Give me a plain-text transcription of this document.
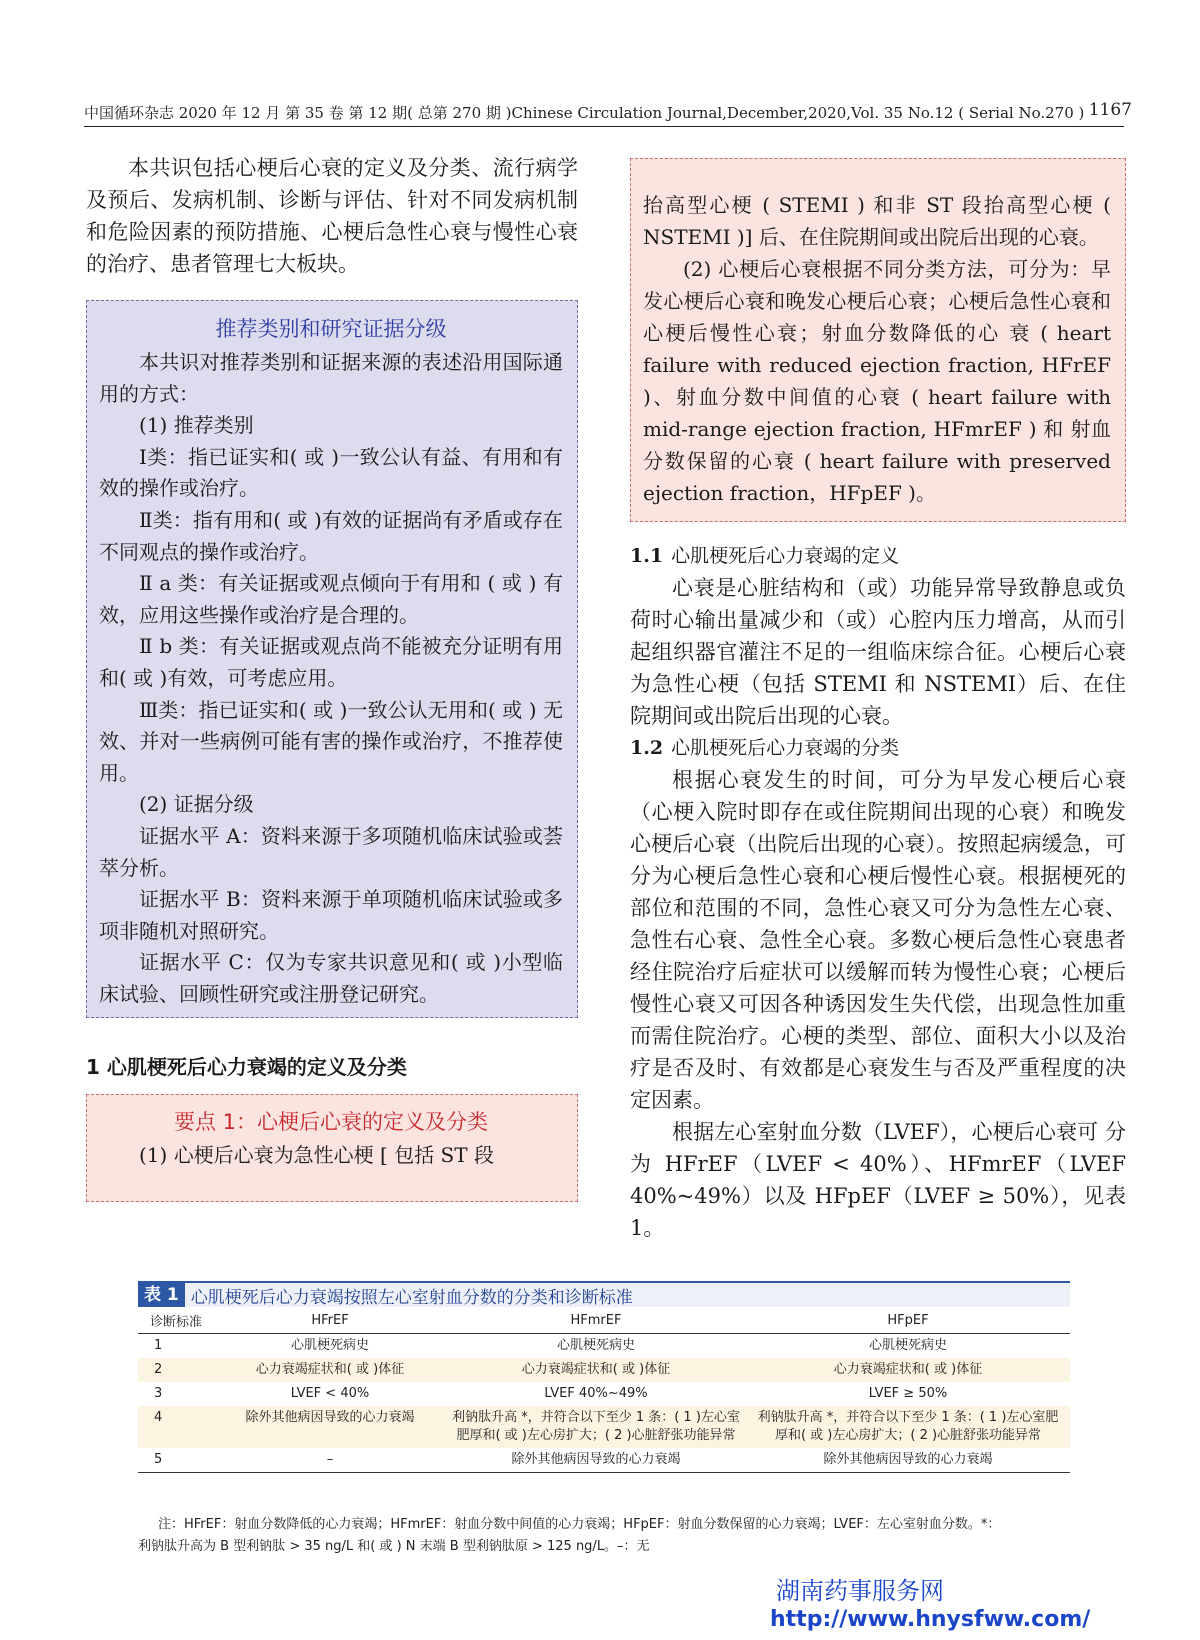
中国循环杂志 2020 年 12 月 第 35 卷 第 12 期( 总第 270 期 )Chinese Circulation Journal,December,2020,Vol. 35 No.12 ( Serial No.270 ) 1167

本共识包括心梗后心衰的定义及分类、流行病学及预后、发病机制、诊断与评估、针对不同发病机制和危险因素的预防措施、心梗后急性心衰与慢性心衰的治疗、患者管理七大板块。

推荐类别和研究证据分级

本共识对推荐类别和证据来源的表述沿用国际通用的方式：

(1) 推荐类别

Ⅰ类：指已证实和( 或 )一致公认有益、有用和有效的操作或治疗。

Ⅱ类：指有用和( 或 )有效的证据尚有矛盾或存在不同观点的操作或治疗。

Ⅱ a 类：有关证据或观点倾向于有用和 ( 或 ) 有效，应用这些操作或治疗是合理的。

Ⅱ b 类：有关证据或观点尚不能被充分证明有用和( 或 )有效，可考虑应用。

Ⅲ类：指已证实和( 或 )一致公认无用和( 或 ) 无效、并对一些病例可能有害的操作或治疗，不推荐使用。

(2) 证据分级

证据水平 A：资料来源于多项随机临床试验或荟萃分析。

证据水平 B：资料来源于单项随机临床试验或多项非随机对照研究。

证据水平 C：仅为专家共识意见和( 或 )小型临床试验、回顾性研究或注册登记研究。

1 心肌梗死后心力衰竭的定义及分类

要点 1：心梗后心衰的定义及分类

(1) 心梗后心衰为急性心梗 [ 包括 ST 段

抬高型心梗 ( STEMI ) 和非 ST 段抬高型心梗 ( NSTEMI )] 后、在住院期间或出院后出现的心衰。

(2) 心梗后心衰根据不同分类方法，可分为：早发心梗后心衰和晚发心梗后心衰；心梗后急性心衰和心梗后慢性心衰；射血分数降低的心 衰 ( heart failure with reduced ejection fraction, HFrEF )、射血分数中间值的心衰 ( heart failure with mid-range ejection fraction, HFmrEF ) 和 射血分数保留的心衰 ( heart failure with preserved ejection fraction，HFpEF )。

1.1 心肌梗死后心力衰竭的定义

心衰是心脏结构和（或）功能异常导致静息或负荷时心输出量减少和（或）心腔内压力增高，从而引起组织器官灌注不足的一组临床综合征。心梗后心衰为急性心梗（包括 STEMI 和 NSTEMI）后、在住院期间或出院后出现的心衰。

1.2 心肌梗死后心力衰竭的分类

根据心衰发生的时间，可分为早发心梗后心衰（心梗入院时即存在或住院期间出现的心衰）和晚发心梗后心衰（出院后出现的心衰）。按照起病缓急，可分为心梗后急性心衰和心梗后慢性心衰。根据梗死的部位和范围的不同，急性心衰又可分为急性左心衰、急性右心衰、急性全心衰。多数心梗后急性心衰患者经住院治疗后症状可以缓解而转为慢性心衰；心梗后慢性心衰又可因各种诱因发生失代偿，出现急性加重而需住院治疗。心梗的类型、部位、面积大小以及治疗是否及时、有效都是心衰发生与否及严重程度的决定因素。

根据左心室射血分数（LVEF），心梗后心衰可 分 为 HFrEF（LVEF < 40%）、HFmrEF（LVEF 40%~49%）以及 HFpEF（LVEF ≥ 50%），见表 1。

表 1 心肌梗死后心力衰竭按照左心室射血分数的分类和诊断标准
诊断标准	HFrEF	HFmrEF	HFpEF
1	心肌梗死病史	心肌梗死病史	心肌梗死病史
2	心力衰竭症状和( 或 )体征	心力衰竭症状和( 或 )体征	心力衰竭症状和( 或 )体征
3	LVEF < 40%	LVEF 40%~49%	LVEF ≥ 50%
4	除外其他病因导致的心力衰竭	利钠肽升高 *，并符合以下至少 1 条：( 1 )左心室肥厚和( 或 )左心房扩大；( 2 )心脏舒张功能异常	利钠肽升高 *，并符合以下至少 1 条：( 1 )左心室肥厚和( 或 )左心房扩大；( 2 )心脏舒张功能异常
5	–	除外其他病因导致的心力衰竭	除外其他病因导致的心力衰竭
注：HFrEF：射血分数降低的心力衰竭；HFmrEF：射血分数中间值的心力衰竭；HFpEF：射血分数保留的心力衰竭；LVEF：左心室射血分数。*：
利钠肽升高为 B 型利钠肽 > 35 ng/L 和( 或 ) N 末端 B 型利钠肽原 > 125 ng/L。–：无
湖南药事服务网
http://www.hnysfww.com/
